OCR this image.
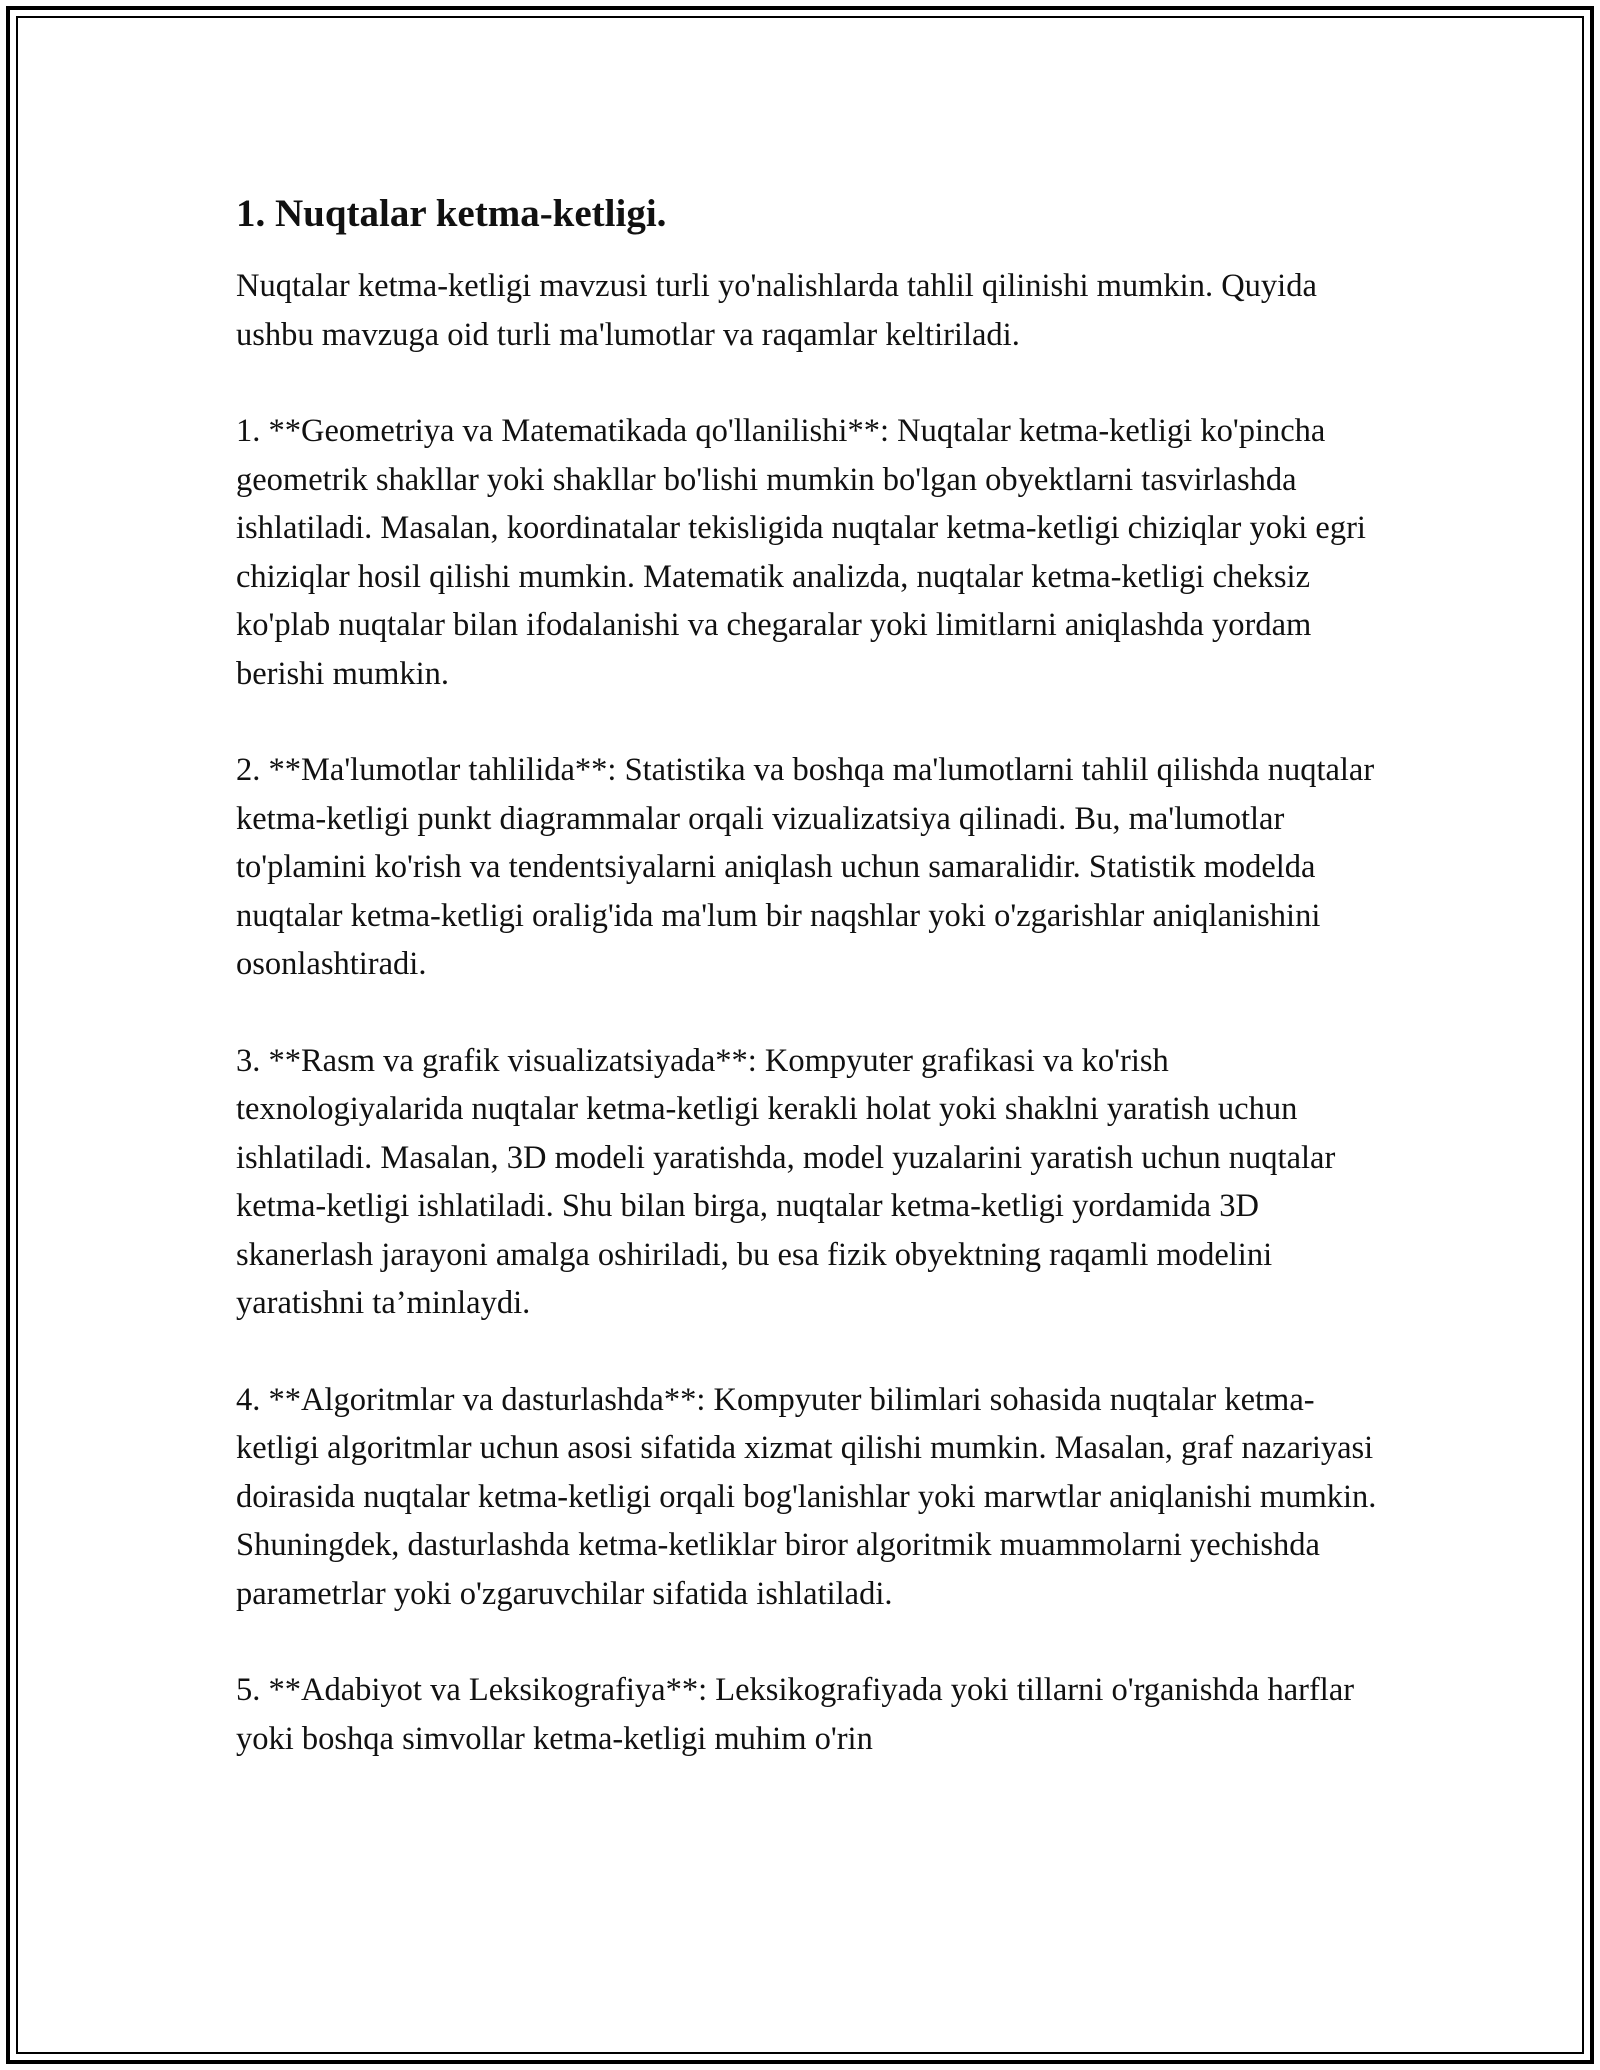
1. Nuqtalar ketma-ketligi.

Nuqtalar ketma-ketligi mavzusi turli yo'nalishlarda tahlil qilinishi mumkin. Quyida ushbu mavzuga oid turli ma'lumotlar va raqamlar keltiriladi.

1. **Geometriya va Matematikada qo'llanilishi**: Nuqtalar ketma-ketligi ko'pincha geometrik shakllar yoki shakllar bo'lishi mumkin bo'lgan obyektlarni tasvirlashda ishlatiladi. Masalan, koordinatalar tekisligida nuqtalar ketma-ketligi chiziqlar yoki egri chiziqlar hosil qilishi mumkin. Matematik analizda, nuqtalar ketma-ketligi cheksiz ko'plab nuqtalar bilan ifodalanishi va chegaralar yoki limitlarni aniqlashda yordam berishi mumkin.

2. **Ma'lumotlar tahlilida**: Statistika va boshqa ma'lumotlarni tahlil qilishda nuqtalar ketma-ketligi punkt diagrammalar orqali vizualizatsiya qilinadi. Bu, ma'lumotlar to'plamini ko'rish va tendentsiyalarni aniqlash uchun samaralidir. Statistik modelda nuqtalar ketma-ketligi oralig'ida ma'lum bir naqshlar yoki o'zgarishlar aniqlanishini osonlashtiradi.

3. **Rasm va grafik visualizatsiyada**: Kompyuter grafikasi va ko'rish texnologiyalarida nuqtalar ketma-ketligi kerakli holat yoki shaklni yaratish uchun ishlatiladi. Masalan, 3D modeli yaratishda, model yuzalarini yaratish uchun nuqtalar ketma-ketligi ishlatiladi. Shu bilan birga, nuqtalar ketma-ketligi yordamida 3D skanerlash jarayoni amalga oshiriladi, bu esa fizik obyektning raqamli modelini yaratishni ta’minlaydi.

4. **Algoritmlar va dasturlashda**: Kompyuter bilimlari sohasida nuqtalar ketma-ketligi algoritmlar uchun asosi sifatida xizmat qilishi mumkin. Masalan, graf nazariyasi doirasida nuqtalar ketma-ketligi orqali bog'lanishlar yoki marwtlar aniqlanishi mumkin. Shuningdek, dasturlashda ketma-ketliklar biror algoritmik muammolarni yechishda parametrlar yoki o'zgaruvchilar sifatida ishlatiladi.

5. **Adabiyot va Leksikografiya**: Leksikografiyada yoki tillarni o'rganishda harflar yoki boshqa simvollar ketma-ketligi muhim o'rin
